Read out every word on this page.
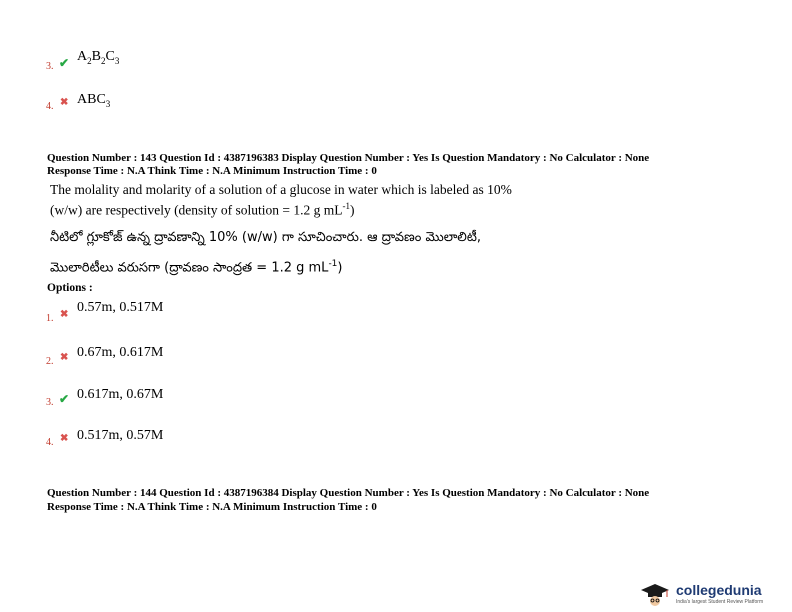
3. ✔ $A_2B_2C_3$
4. ✖ $ABC_3$
Question Number : 143 Question Id : 4387196383 Display Question Number : Yes Is Question Mandatory : No Calculator : None
Response Time : N.A Think Time : N.A Minimum Instruction Time : 0
The molality and molarity of a solution of a glucose in water which is labeled as 10%
(w/w) are respectively (density of solution = 1.2 g $mL^{-1}$)
నీటిలో గ్లూకోజ్ ఉన్న ద్రావణాన్ని 10% (w/w) గా సూచించారు. ఆ ద్రావణం మొలాలిటీ,
మొలారిటీలు వరుసగా (ద్రావణం సాంద్రత = 1.2 g $mL^{-1}$)
Options :
1. ✖ 0.57m, 0.517M
2. ✖ 0.67m, 0.617M
3. ✔ 0.617m, 0.67M
4. ✖ 0.517m, 0.57M
Question Number : 144 Question Id : 4387196384 Display Question Number : Yes Is Question Mandatory : No Calculator : None
Response Time : N.A Think Time : N.A Minimum Instruction Time : 0
collegedunia
India's largest Student Review Platform
